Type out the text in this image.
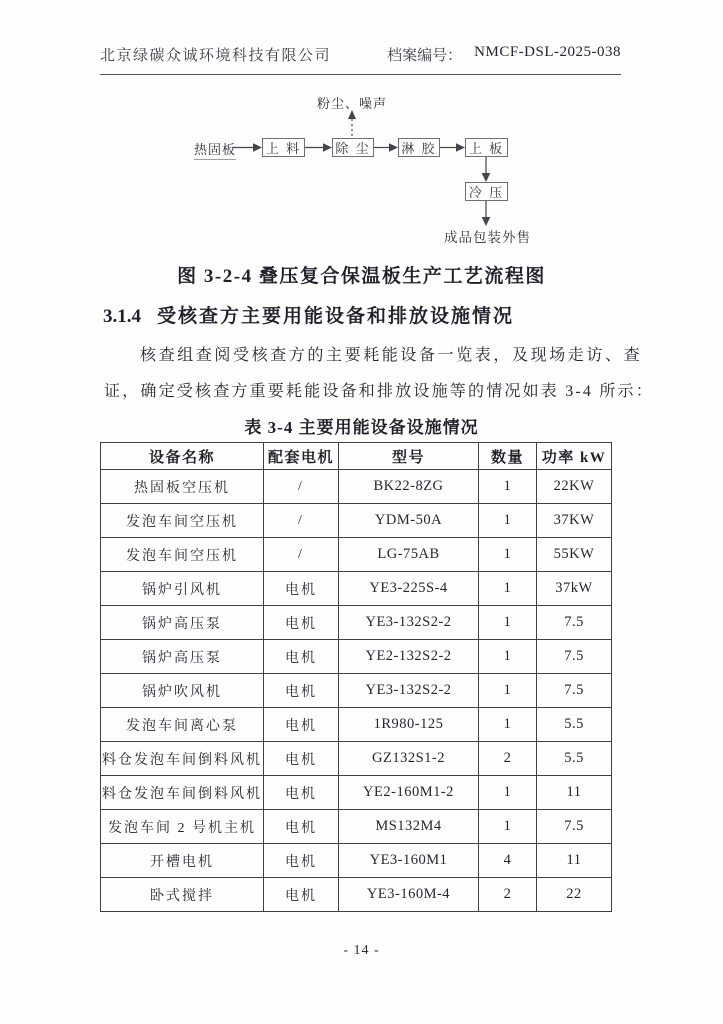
北京绿碳众诚环境科技有限公司	档案编号： NMCF-DSL-2025-038
粉尘、噪声
热固板 上 料	除 尘 淋 胶 上 板
冷 压
成品包装外售
图 3-2-4 叠压复合保温板生产工艺流程图
3.1.4 受核查方主要用能设备和排放设施情况
核查组查阅受核查方的主要耗能设备一览表，及现场走访、查
证，确定受核查方重要耗能设备和排放设施等的情况如表 3-4 所示：
表 3-4 主要用能设备设施情况
设备名称	配套电机	型号	数量	功率 kW
热固板空压机	/	BK22-8ZG	1	22KW
发泡车间空压机	/	YDM-50A	1	37KW
发泡车间空压机	/	LG-75AB	1	55KW
锅炉引风机	电机	YE3-225S-4	1	37kW
锅炉高压泵	电机	YE3-132S2-2	1	7.5
锅炉高压泵	电机	YE2-132S2-2	1	7.5
锅炉吹风机	电机	YE3-132S2-2	1	7.5
发泡车间离心泵	电机	1R980-125	1	5.5
料仓发泡车间倒料风机	电机	GZ132S1-2	2	5.5
料仓发泡车间倒料风机	电机	YE2-160M1-2	1	11
发泡车间 2 号机主机	电机	MS132M4	1	7.5
开槽电机	电机	YE3-160M1	4	11
卧式搅拌	电机	YE3-160M-4	2	22
- 14 -
